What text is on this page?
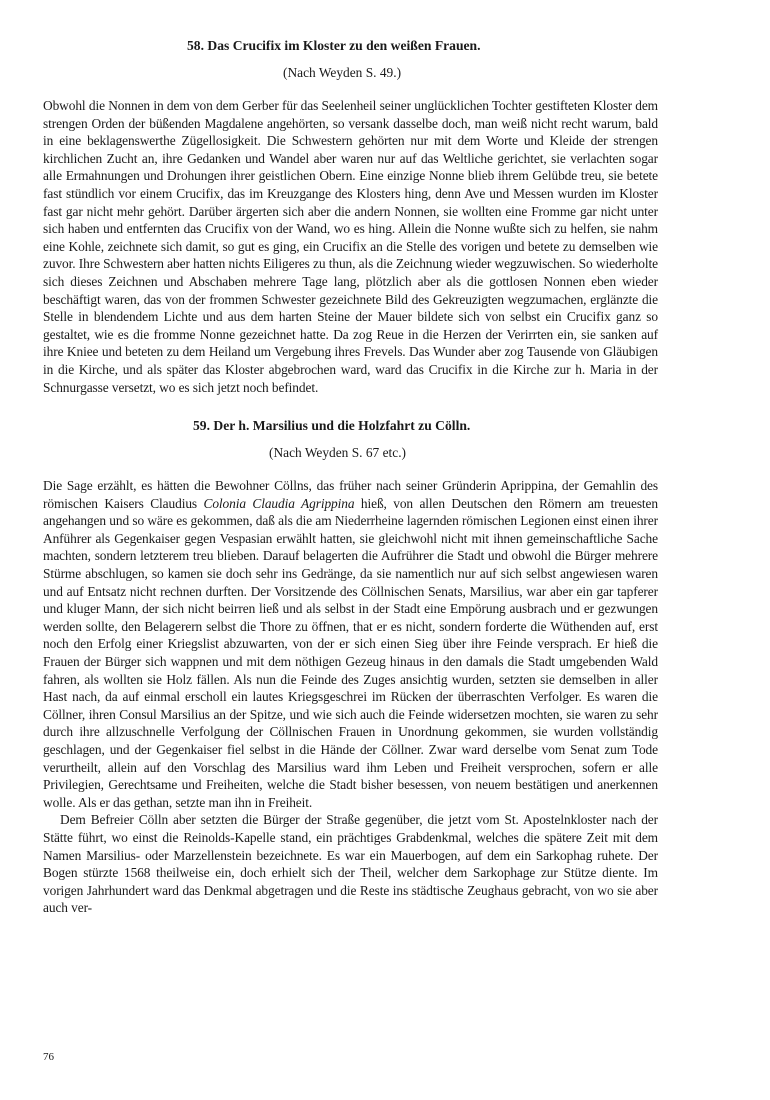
58. Das Crucifix im Kloster zu den weißen Frauen.

(Nach Weyden S. 49.)

Obwohl die Nonnen in dem von dem Gerber für das Seelenheil seiner unglücklichen Tochter gestifteten Kloster dem strengen Orden der büßenden Magdalene angehörten, so versank dasselbe doch, man weiß nicht recht warum, bald in eine beklagenswerthe Zügellosigkeit. Die Schwestern gehörten nur mit dem Worte und Kleide der strengen kirchlichen Zucht an, ihre Gedanken und Wandel aber waren nur auf das Weltliche gerichtet, sie verlachten sogar alle Ermahnungen und Drohungen ihrer geistlichen Obern. Eine einzige Nonne blieb ihrem Gelübde treu, sie betete fast stündlich vor einem Crucifix, das im Kreuzgange des Klosters hing, denn Ave und Messen wurden im Kloster fast gar nicht mehr gehört. Darüber ärgerten sich aber die andern Nonnen, sie wollten eine Fromme gar nicht unter sich haben und entfernten das Crucifix von der Wand, wo es hing. Allein die Nonne wußte sich zu helfen, sie nahm eine Kohle, zeichnete sich damit, so gut es ging, ein Crucifix an die Stelle des vorigen und betete zu demselben wie zuvor. Ihre Schwestern aber hatten nichts Eiligeres zu thun, als die Zeichnung wieder wegzuwischen. So wiederholte sich dieses Zeichnen und Abschaben mehrere Tage lang, plötzlich aber als die gottlosen Nonnen eben wieder beschäftigt waren, das von der frommen Schwester gezeichnete Bild des Gekreuzigten wegzumachen, erglänzte die Stelle in blendendem Lichte und aus dem harten Steine der Mauer bildete sich von selbst ein Crucifix ganz so gestaltet, wie es die fromme Nonne gezeichnet hatte. Da zog Reue in die Herzen der Verirrten ein, sie sanken auf ihre Kniee und beteten zu dem Heiland um Vergebung ihres Frevels. Das Wunder aber zog Tausende von Gläubigen in die Kirche, und als später das Kloster abgebrochen ward, ward das Crucifix in die Kirche zur h. Maria in der Schnurgasse versetzt, wo es sich jetzt noch befindet.

59. Der h. Marsilius und die Holzfahrt zu Cölln.

(Nach Weyden S. 67 etc.)

Die Sage erzählt, es hätten die Bewohner Cöllns, das früher nach seiner Gründerin Aprippina, der Gemahlin des römischen Kaisers Claudius Colonia Claudia Agrippina hieß, von allen Deutschen den Römern am treuesten angehangen und so wäre es gekommen, daß als die am Niederrheine lagernden römischen Legionen einst einen ihrer Anführer als Gegenkaiser gegen Vespasian erwählt hatten, sie gleichwohl nicht mit ihnen gemeinschaftliche Sache machten, sondern letzterem treu blieben. Darauf belagerten die Aufrührer die Stadt und obwohl die Bürger mehrere Stürme abschlugen, so kamen sie doch sehr ins Gedränge, da sie namentlich nur auf sich selbst angewiesen waren und auf Entsatz nicht rechnen durften. Der Vorsitzende des Cöllnischen Senats, Marsilius, war aber ein gar tapferer und kluger Mann, der sich nicht beirren ließ und als selbst in der Stadt eine Empörung ausbrach und er gezwungen werden sollte, den Belagerern selbst die Thore zu öffnen, that er es nicht, sondern forderte die Wüthenden auf, erst noch den Erfolg einer Kriegslist abzuwarten, von der er sich einen Sieg über ihre Feinde versprach. Er hieß die Frauen der Bürger sich wappnen und mit dem nöthigen Gezeug hinaus in den damals die Stadt umgebenden Wald fahren, als wollten sie Holz fällen. Als nun die Feinde des Zuges ansichtig wurden, setzten sie demselben in aller Hast nach, da auf einmal erscholl ein lautes Kriegsgeschrei im Rücken der überraschten Verfolger. Es waren die Cöllner, ihren Consul Marsilius an der Spitze, und wie sich auch die Feinde widersetzen mochten, sie waren zu sehr durch ihre allzuschnelle Verfolgung der Cöllnischen Frauen in Unordnung gekommen, sie wurden vollständig geschlagen, und der Gegenkaiser fiel selbst in die Hände der Cöllner. Zwar ward derselbe vom Senat zum Tode verurtheilt, allein auf den Vorschlag des Marsilius ward ihm Leben und Freiheit versprochen, sofern er alle Privilegien, Gerechtsame und Freiheiten, welche die Stadt bisher besessen, von neuem bestätigen und anerkennen wolle. Als er das gethan, setzte man ihn in Freiheit.

Dem Befreier Cölln aber setzten die Bürger der Straße gegenüber, die jetzt vom St. Apostelnkloster nach der Stätte führt, wo einst die Reinolds-Kapelle stand, ein prächtiges Grabdenkmal, welches die spätere Zeit mit dem Namen Marsilius- oder Marzellenstein bezeichnete. Es war ein Mauerbogen, auf dem ein Sarkophag ruhete. Der Bogen stürzte 1568 theilweise ein, doch erhielt sich der Theil, welcher dem Sarkophage zur Stütze diente. Im vorigen Jahrhundert ward das Denkmal abgetragen und die Reste ins städtische Zeughaus gebracht, von wo sie aber auch ver-

76
